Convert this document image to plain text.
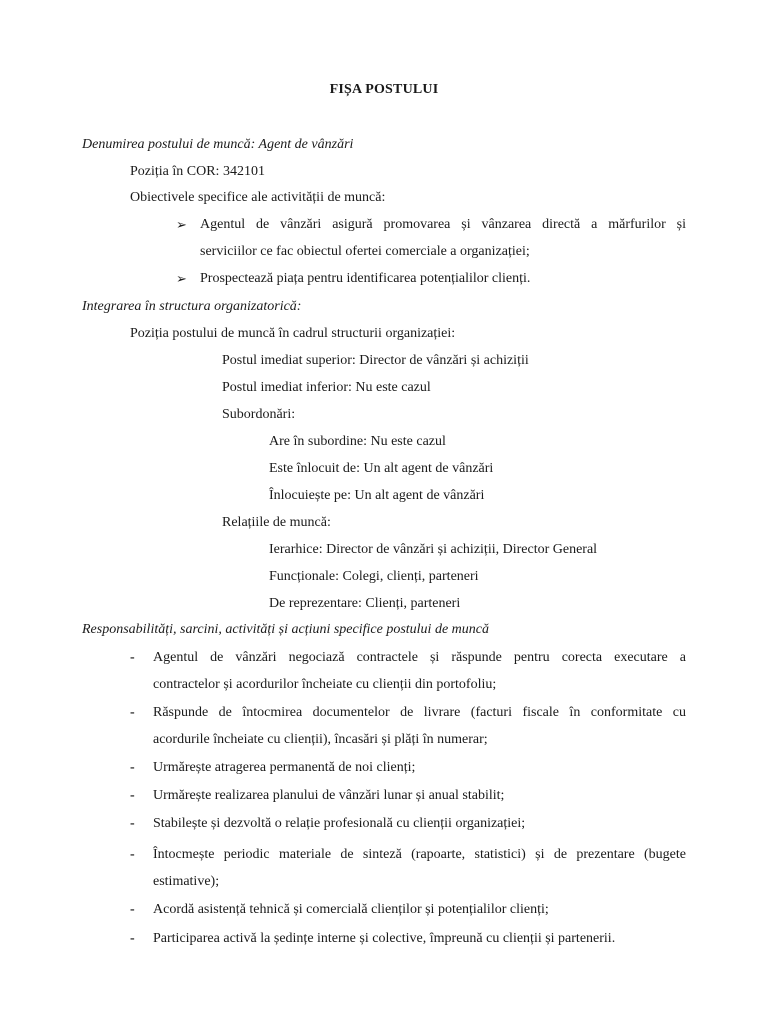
FIȘA POSTULUI
Denumirea postului de muncă: Agent de vânzări
Poziția în COR: 342101
Obiectivele specifice ale activității de muncă:
➢ Agentul de vânzări asigură promovarea și vânzarea directă a mărfurilor și
serviciilor ce fac obiectul ofertei comerciale a organizației;
➢ Prospectează piața pentru identificarea potențialilor clienți.
Integrarea în structura organizatorică:
Poziția postului de muncă în cadrul structurii organizației:
Postul imediat superior: Director de vânzări și achiziții
Postul imediat inferior: Nu este cazul
Subordonări:
Are în subordine: Nu este cazul
Este înlocuit de: Un alt agent de vânzări
Înlocuiește pe: Un alt agent de vânzări
Relațiile de muncă:
Ierarhice: Director de vânzări și achiziții, Director General
Funcționale: Colegi, clienți, parteneri
De reprezentare: Clienți, parteneri
Responsabilități, sarcini, activități și acțiuni specifice postului de muncă
- Agentul de vânzări negociază contractele și răspunde pentru corecta executare a
contractelor și acordurilor încheiate cu clienții din portofoliu;
- Răspunde de întocmirea documentelor de livrare (facturi fiscale în conformitate cu
acordurile încheiate cu clienții), încasări și plăți în numerar;
- Urmărește atragerea permanentă de noi clienți;
- Urmărește realizarea planului de vânzări lunar și anual stabilit;
- Stabilește și dezvoltă o relație profesională cu clienții organizației;
- Întocmește periodic materiale de sinteză (rapoarte, statistici) și de prezentare (bugete
estimative);
- Acordă asistență tehnică și comercială clienților și potențialilor clienți;
- Participarea activă la ședințe interne și colective, împreună cu clienții și partenerii.
